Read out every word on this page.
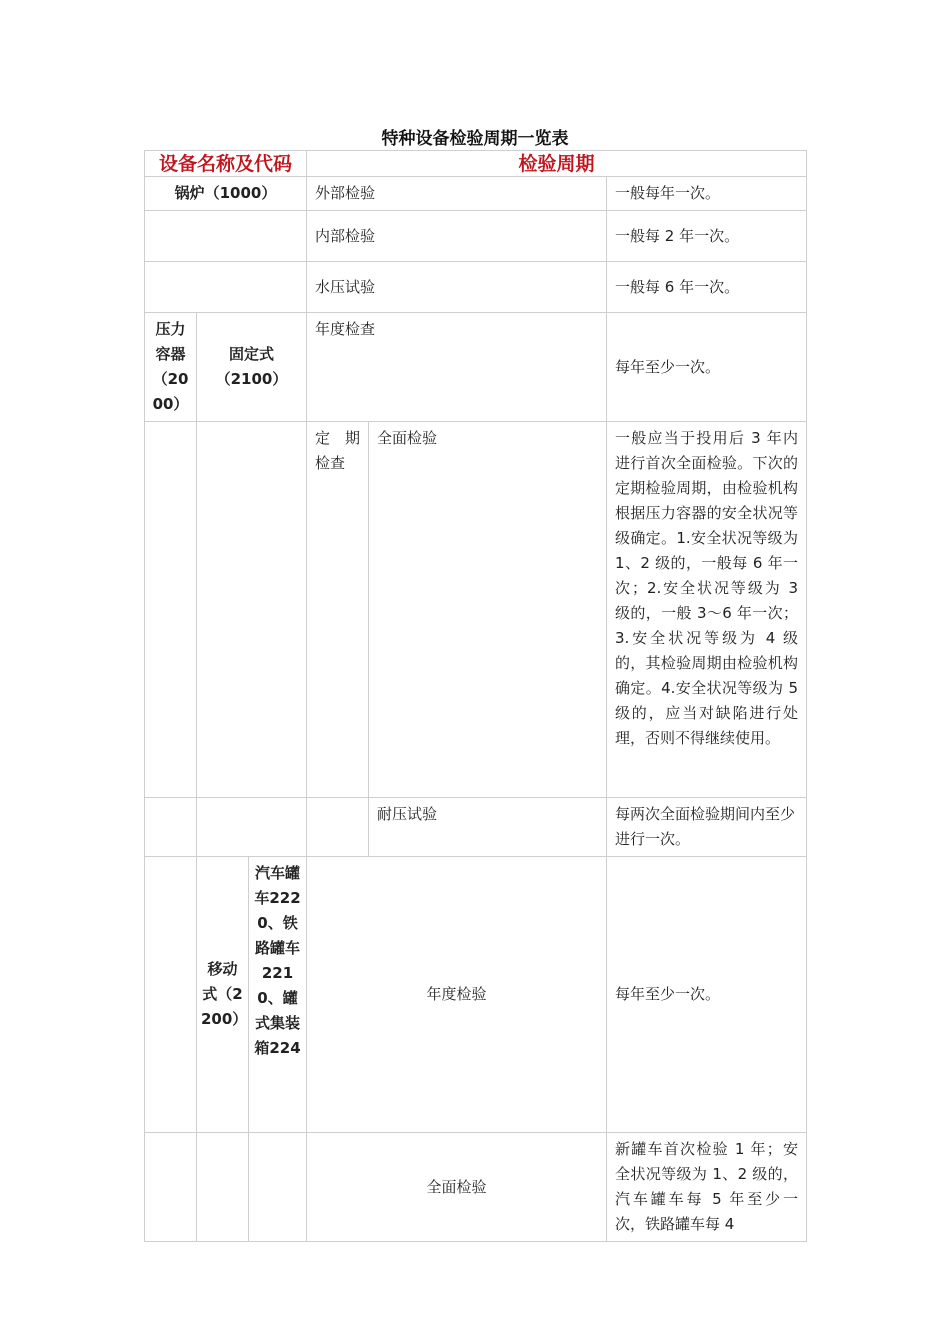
特种设备检验周期一览表
设备名称及代码			检验周期		
锅炉（1000）			外部检验		一般每年一次。
			内部检验		一般每 2 年一次。
			水压试验		一般每 6 年一次。
压力容器（2000）	固定式（2100）		年度检查		每年至少一次。
			定　期检查	全面检验	一般应当于投用后 3 年内进行首次全面检验。下次的定期检验周期，由检验机构根据压力容器的安全状况等级确定。1.安全状况等级为 1、2 级的，一般每 6 年一次；2.安全状况等级为 3 级的，一般 3～6 年一次；3.安全状况等级为 4 级的，其检验周期由检验机构确定。4.安全状况等级为 5 级的，应当对缺陷进行处理，否则不得继续使用。
				耐压试验	每两次全面检验期间内至少进行一次。
	移动式（2200）	汽车罐车2220、铁路罐车2210、罐式集装箱224	年度检验		每年至少一次。
			全面检验		新罐车首次检验 1 年；安全状况等级为 1、2 级的，汽车罐车每 5 年至少一次，铁路罐车每 4
